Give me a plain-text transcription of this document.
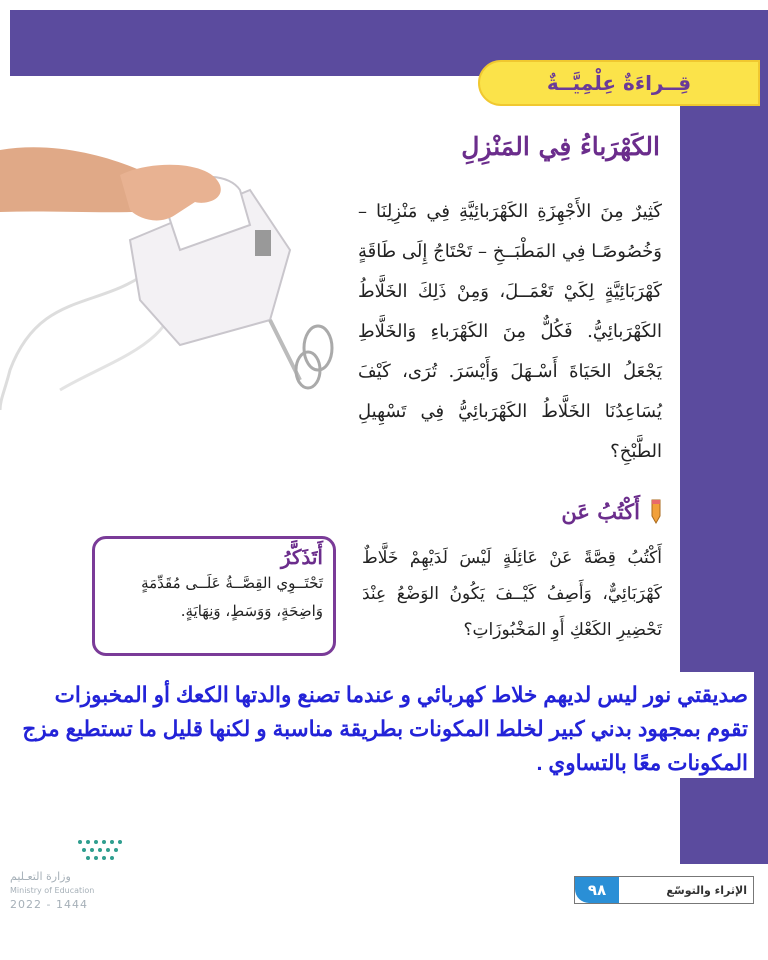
قِــراءَةٌ عِلْمِيَّــةٌ
الكَهْرَباءُ فِي المَنْزِلِ
كَثِيرٌ مِنَ الأَجْهِزَةِ الكَهْرَبائِيَّةِ فِي مَنْزِلِنَا – وَخُصُوصًـا فِي المَطْبَــخِ – تَحْتَاجُ إِلَى طَاقَةٍ كَهْرَبَائِيَّةٍ لِكَيْ تَعْمَــلَ، وَمِنْ ذَلِكَ الخَلَّاطُ الكَهْرَبائِيُّ. فَكُلٌّ مِنَ الكَهْرَباءِ وَالخَلَّاطِ يَجْعَلُ الحَيَاةَ أَسْـهَلَ وَأَيْسَرَ. تُرَى، كَيْفَ يُسَاعِدُنَا الخَلَّاطُ الكَهْرَبائِيُّ فِي تَسْهِيلِ الطَّبْخِ؟
أَكْتُبُ عَن
أَكْتُبُ قِصَّةً عَنْ عَائِلَةٍ لَيْسَ لَدَيْهِمْ خَلَّاطٌ كَهْرَبَائِيٌّ، وَأَصِفُ كَيْــفَ يَكُونُ الوَضْعُ عِنْدَ تَحْضِيرِ الكَعْكِ أَوِ المَخْبُوزَاتِ؟
أَتَذَكَّرُ
تَحْتَــوِي القِصَّــةُ عَلَــى مُقَدِّمَةٍ وَاضِحَةٍ، وَوَسَطٍ، وَنِهَايَةٍ.
صديقتي نور ليس لديهم خلاط كهربائي و عندما تصنع والدتها الكعك أو المخبوزات تقوم بمجهود بدني كبير لخلط المكونات بطريقة مناسبة و لكنها قليل ما تستطيع مزج المكونات معًا بالتساوي .
وزارة التعـليم
Ministry of Education
2022 - 1444
الإثراء والتوسّع
٩٨
